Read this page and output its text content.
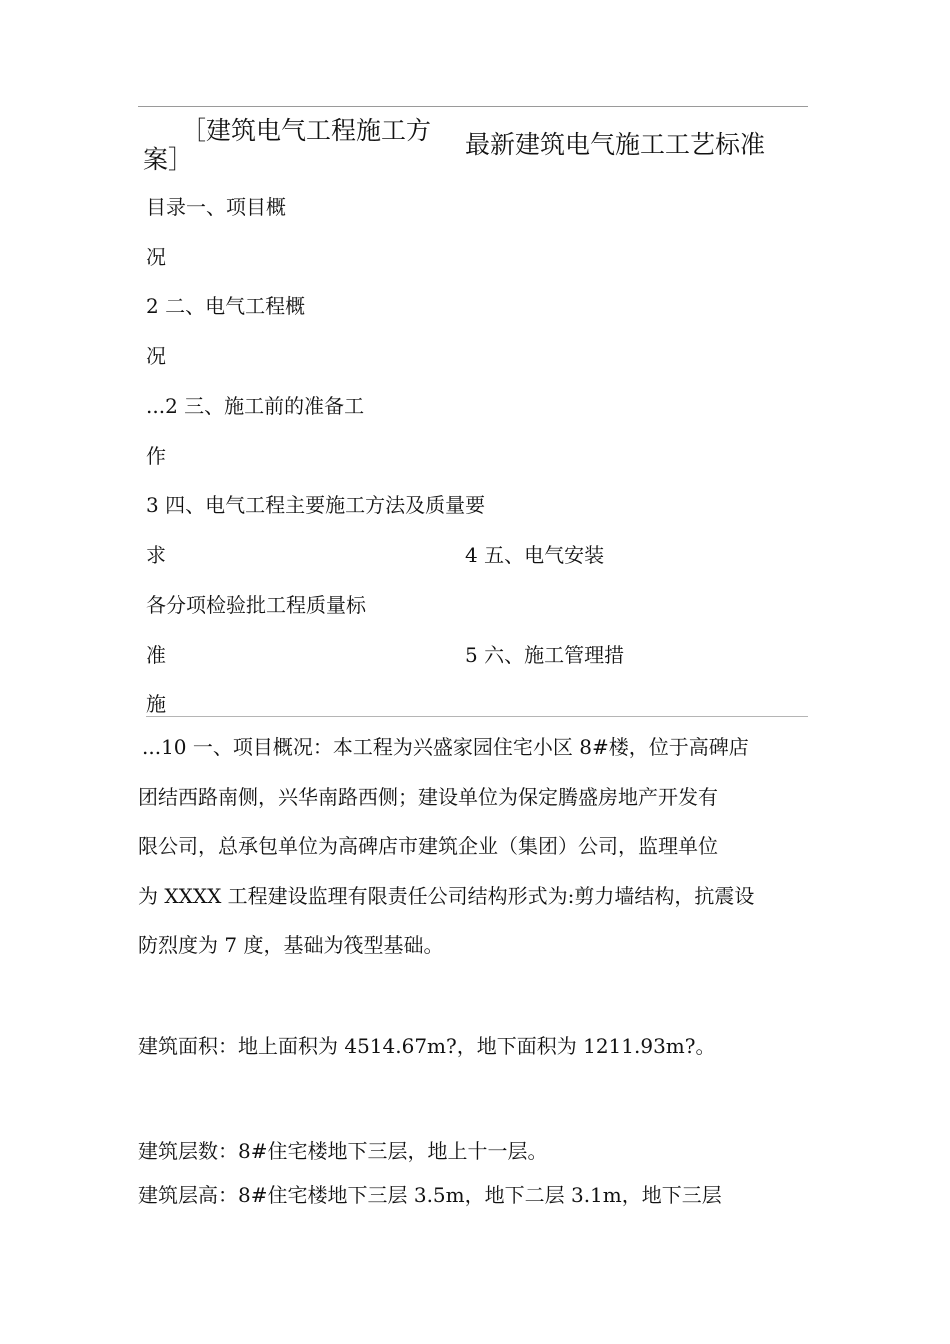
［建筑电气工程施工方
案］
最新建筑电气施工工艺标准
目录一、项目概
况
2 二、电气工程概
况
...2 三、施工前的准备工
作
3 四、电气工程主要施工方法及质量要
求	4 五、电气安装
各分项检验批工程质量标
准	5 六、施工管理措
施
...10 一、项目概况：本工程为兴盛家园住宅小区 8#楼，位于高碑店
团结西路南侧，兴华南路西侧；建设单位为保定腾盛房地产开发有
限公司，总承包单位为高碑店市建筑企业（集团）公司，监理单位
为 XXXX 工程建设监理有限责任公司结构形式为:剪力墙结构，抗震设
防烈度为 7 度，基础为筏型基础。
建筑面积：地上面积为 4514.67m?，地下面积为 1211.93m?。
建筑层数：8#住宅楼地下三层，地上十一层。
建筑层高：8#住宅楼地下三层 3.5m，地下二层 3.1m，地下三层
